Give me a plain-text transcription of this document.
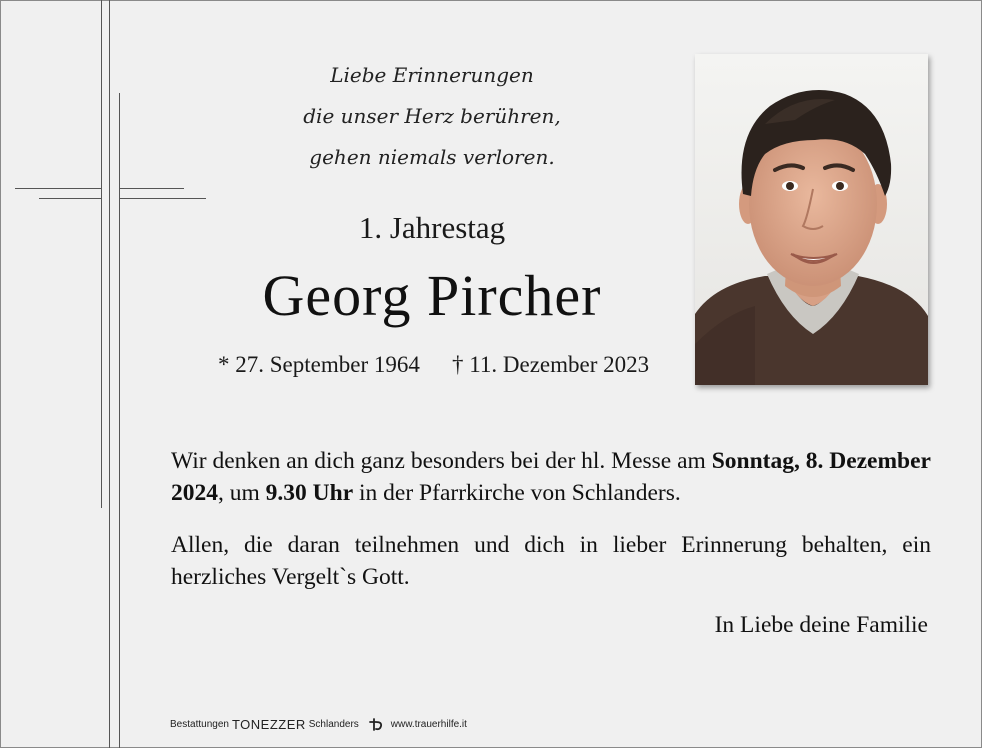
Liebe Erinnerungen
die unser Herz berühren,
gehen niemals verloren.
1. Jahrestag
Georg Pircher
* 27. September 1964 † 11. Dezember 2023

Wir denken an dich ganz besonders bei der hl. Messe am Sonntag, 8. Dezember 2024, um 9.30 Uhr in der Pfarrkirche von Schlanders.

Allen, die daran teilnehmen und dich in lieber Erinnerung behalten, ein herzliches Vergelt`s Gott.

In Liebe deine Familie
Bestattungen TONEZZER Schlanders	www.trauerhilfe.it
